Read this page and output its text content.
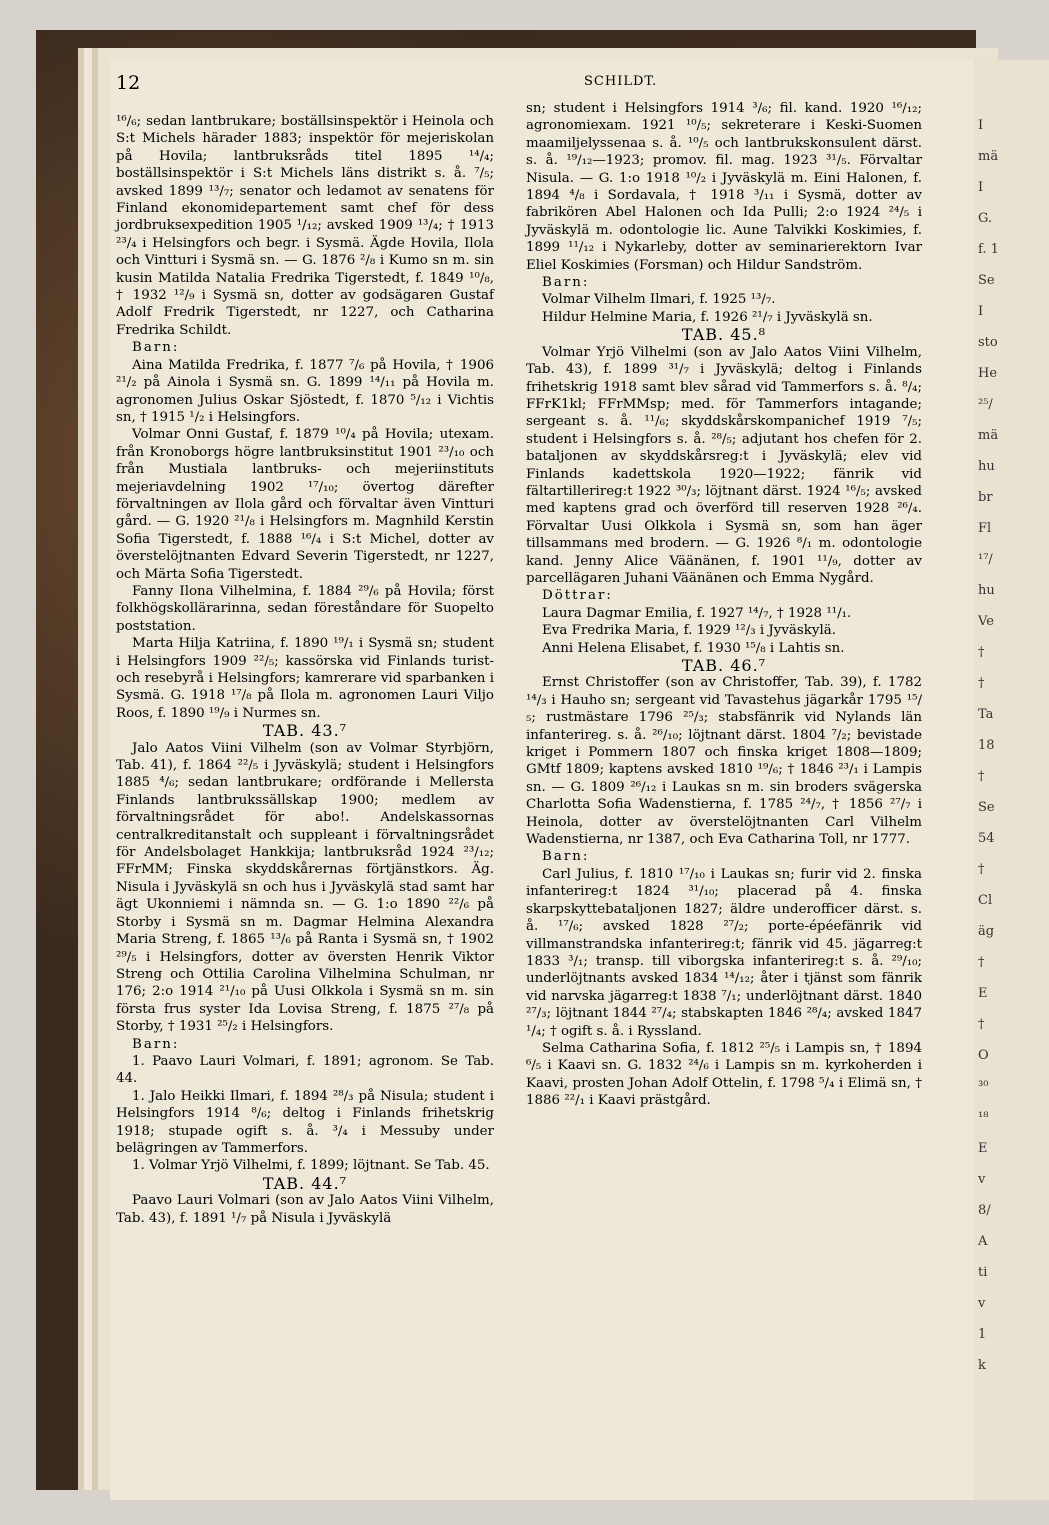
I
mä
I
G.
f. 1
Se
I
sto
He
²⁵/
mä
hu
br
Fl
¹⁷/
hu
Ve
†
†
Ta
18
†
Se
54
†
Cl
äg
†
E
†
O
³⁰
¹⁸
E
v
8/
A
ti
v
1
k
12	SCHILDT.

¹⁶/₆; sedan lantbrukare; boställsinspektör i Heinola och S:t Michels härader 1883; inspektör för mejeriskolan på Hovila; lantbruksråds titel 1895 ¹⁴/₄; boställsinspektör i S:t Michels läns distrikt s. å. ⁷/₅; avsked 1899 ¹³/₇; senator och ledamot av senatens för Finland ekonomidepartement samt chef för dess jordbruksexpedition 1905 ¹/₁₂; avsked 1909 ¹³/₄; † 1913 ²³/₄ i Helsingfors och begr. i Sysmä. Ägde Hovila, Ilola och Vintturi i Sysmä sn. — G. 1876 ²/₈ i Kumo sn m. sin kusin Matilda Natalia Fredrika Tigerstedt, f. 1849 ¹⁰/₈, † 1932 ¹²/₉ i Sysmä sn, dotter av godsägaren Gustaf Adolf Fredrik Tigerstedt, nr 1227, och Catharina Fredrika Schildt.

Barn:

Aina Matilda Fredrika, f. 1877 ⁷/₆ på Hovila, † 1906 ²¹/₂ på Ainola i Sysmä sn. G. 1899 ¹⁴/₁₁ på Hovila m. agronomen Julius Oskar Sjöstedt, f. 1870 ⁵/₁₂ i Vichtis sn, † 1915 ¹/₂ i Helsingfors.

Volmar Onni Gustaf, f. 1879 ¹⁰/₄ på Hovila; utexam. från Kronoborgs högre lantbruksinstitut 1901 ²³/₁₀ och från Mustiala lantbruks- och mejeriinstituts mejeriavdelning 1902 ¹⁷/₁₀; övertog därefter förvaltningen av Ilola gård och förvaltar även Vintturi gård. — G. 1920 ²¹/₈ i Helsingfors m. Magnhild Kerstin Sofia Tigerstedt, f. 1888 ¹⁶/₄ i S:t Michel, dotter av överstelöjtnanten Edvard Severin Tigerstedt, nr 1227, och Märta Sofia Tigerstedt.

Fanny Ilona Vilhelmina, f. 1884 ²⁹/₆ på Hovila; först folkhögskollärarinna, sedan föreståndare för Suopelto poststation.

Marta Hilja Katriina, f. 1890 ¹⁹/₁ i Sysmä sn; student i Helsingfors 1909 ²²/₅; kassörska vid Finlands turist- och resebyrå i Helsingfors; kamrerare vid sparbanken i Sysmä. G. 1918 ¹⁷/₈ på Ilola m. agronomen Lauri Viljo Roos, f. 1890 ¹⁹/₉ i Nurmes sn.

TAB. 43.⁷

Jalo Aatos Viini Vilhelm (son av Volmar Styrbjörn, Tab. 41), f. 1864 ²²/₅ i Jyväskylä; student i Helsingfors 1885 ⁴/₆; sedan lantbrukare; ordförande i Mellersta Finlands lantbrukssällskap 1900; medlem av förvaltningsrådet för abo!. Andelskassornas centralkreditanstalt och suppleant i förvaltningsrådet för Andelsbolaget Hankkija; lantbruksråd 1924 ²³/₁₂; FFrMM; Finska skyddskårernas förtjänstkors. Äg. Nisula i Jyväskylä sn och hus i Jyväskylä stad samt har ägt Ukonniemi i nämnda sn. — G. 1:o 1890 ²²/₆ på Storby i Sysmä sn m. Dagmar Helmina Alexandra Maria Streng, f. 1865 ¹³/₆ på Ranta i Sysmä sn, † 1902 ²⁹/₅ i Helsingfors, dotter av översten Henrik Viktor Streng och Ottilia Carolina Vilhelmina Schulman, nr 176; 2:o 1914 ²¹/₁₀ på Uusi Olkkola i Sysmä sn m. sin första frus syster Ida Lovisa Streng, f. 1875 ²⁷/₈ på Storby, † 1931 ²⁵/₂ i Helsingfors.

Barn:

1. Paavo Lauri Volmari, f. 1891; agronom. Se Tab. 44.

1. Jalo Heikki Ilmari, f. 1894 ²⁸/₃ på Nisula; student i Helsingfors 1914 ⁸/₆; deltog i Finlands frihetskrig 1918; stupade ogift s. å. ³/₄ i Messuby under belägringen av Tammerfors.

1. Volmar Yrjö Vilhelmi, f. 1899; löjtnant. Se Tab. 45.

TAB. 44.⁷

Paavo Lauri Volmari (son av Jalo Aatos Viini Vilhelm, Tab. 43), f. 1891 ¹/₇ på Nisula i Jyväskylä

sn; student i Helsingfors 1914 ³/₆; fil. kand. 1920 ¹⁶/₁₂; agronomiexam. 1921 ¹⁰/₅; sekreterare i Keski-Suomen maamiljelyssenaa s. å. ¹⁰/₅ och lantbrukskonsulent därst. s. å. ¹⁹/₁₂—1923; promov. fil. mag. 1923 ³¹/₅. Förvaltar Nisula. — G. 1:o 1918 ¹⁰/₂ i Jyväskylä m. Eini Halonen, f. 1894 ⁴/₈ i Sordavala, † 1918 ³/₁₁ i Sysmä, dotter av fabrikören Abel Halonen och Ida Pulli; 2:o 1924 ²⁴/₅ i Jyväskylä m. odontologie lic. Aune Talvikki Koskimies, f. 1899 ¹¹/₁₂ i Nykarleby, dotter av seminarierektorn Ivar Eliel Koskimies (Forsman) och Hildur Sandström.

Barn:

Volmar Vilhelm Ilmari, f. 1925 ¹³/₇.

Hildur Helmine Maria, f. 1926 ²¹/₇ i Jyväskylä sn.

TAB. 45.⁸

Volmar Yrjö Vilhelmi (son av Jalo Aatos Viini Vilhelm, Tab. 43), f. 1899 ³¹/₇ i Jyväskylä; deltog i Finlands frihetskrig 1918 samt blev sårad vid Tammerfors s. å. ⁸/₄; FFrK1kl; FFrMMsp; med. för Tammerfors intagande; sergeant s. å. ¹¹/₆; skyddskårskompanichef 1919 ⁷/₅; student i Helsingfors s. å. ²⁸/₅; adjutant hos chefen för 2. bataljonen av skyddskårsreg:t i Jyväskylä; elev vid Finlands kadettskola 1920—1922; fänrik vid fältartillerireg:t 1922 ³⁰/₃; löjtnant därst. 1924 ¹⁶/₅; avsked med kaptens grad och överförd till reserven 1928 ²⁶/₄. Förvaltar Uusi Olkkola i Sysmä sn, som han äger tillsammans med brodern. — G. 1926 ⁸/₁ m. odontologie kand. Jenny Alice Väänänen, f. 1901 ¹¹/₉, dotter av parcellägaren Juhani Väänänen och Emma Nygård.

Döttrar:

Laura Dagmar Emilia, f. 1927 ¹⁴/₇, † 1928 ¹¹/₁.

Eva Fredrika Maria, f. 1929 ¹²/₃ i Jyväskylä.

Anni Helena Elisabet, f. 1930 ¹⁵/₈ i Lahtis sn.

TAB. 46.⁷

Ernst Christoffer (son av Christoffer, Tab. 39), f. 1782 ¹⁴/₃ i Hauho sn; sergeant vid Tavastehus jägarkår 1795 ¹⁵/₅; rustmästare 1796 ²⁵/₃; stabsfänrik vid Nylands län infanterireg. s. å. ²⁶/₁₀; löjtnant därst. 1804 ⁷/₂; bevistade kriget i Pommern 1807 och finska kriget 1808—1809; GMtf 1809; kaptens avsked 1810 ¹⁹/₆; † 1846 ²³/₁ i Lampis sn. — G. 1809 ²⁶/₁₂ i Laukas sn m. sin broders svägerska Charlotta Sofia Wadenstierna, f. 1785 ²⁴/₇, † 1856 ²⁷/₇ i Heinola, dotter av överstelöjtnanten Carl Vilhelm Wadenstierna, nr 1387, och Eva Catharina Toll, nr 1777.

Barn:

Carl Julius, f. 1810 ¹⁷/₁₀ i Laukas sn; furir vid 2. finska infanterireg:t 1824 ³¹/₁₀; placerad på 4. finska skarpskyttebataljonen 1827; äldre underofficer därst. s. å. ¹⁷/₆; avsked 1828 ²⁷/₂; porte-épéefänrik vid villmanstrandska infanterireg:t; fänrik vid 45. jägarreg:t 1833 ³/₁; transp. till viborgska infanterireg:t s. å. ²⁹/₁₀; underlöjtnants avsked 1834 ¹⁴/₁₂; åter i tjänst som fänrik vid narvska jägarreg:t 1838 ⁷/₁; underlöjtnant därst. 1840 ²⁷/₃; löjtnant 1844 ²⁷/₄; stabskapten 1846 ²⁸/₄; avsked 1847 ¹/₄; † ogift s. å. i Ryssland.

Selma Catharina Sofia, f. 1812 ²⁵/₅ i Lampis sn, † 1894 ⁶/₅ i Kaavi sn. G. 1832 ²⁴/₆ i Lampis sn m. kyrkoherden i Kaavi, prosten Johan Adolf Ottelin, f. 1798 ⁵/₄ i Elimä sn, † 1886 ²²/₁ i Kaavi prästgård.
